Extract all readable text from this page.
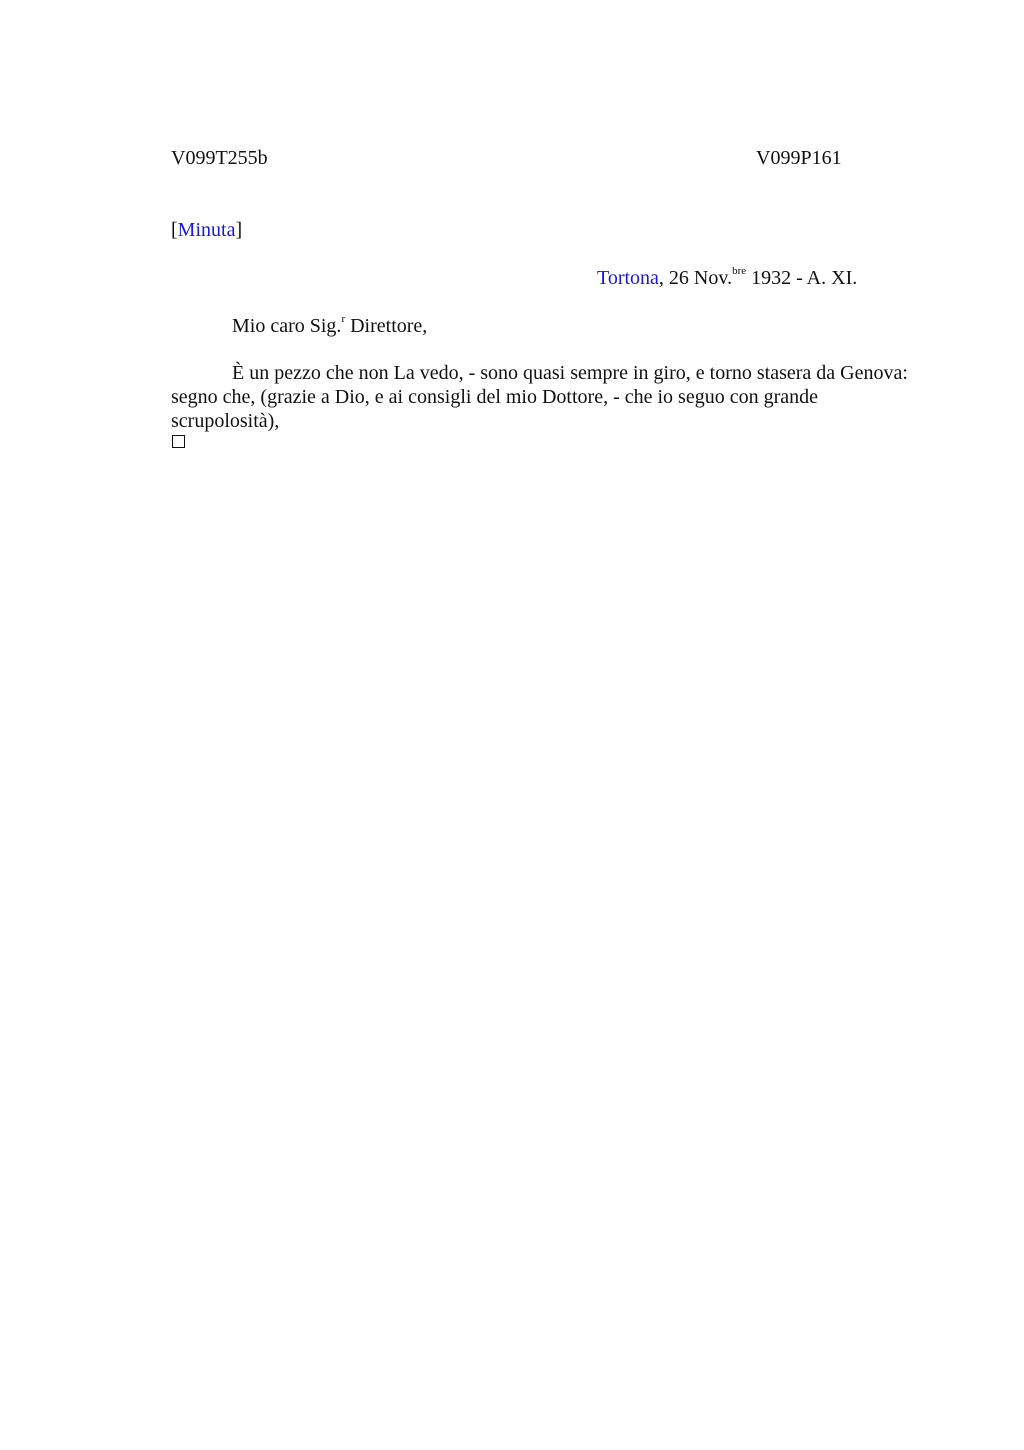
V099T255b	V099P161
[Minuta]
Tortona, 26 Nov.$^{bre}$ 1932 - A. XI.
Mio caro Sig.$^r$ Direttore,
È un pezzo che non La vedo, - sono quasi sempre in giro, e torno stasera da Genova: segno che, (grazie a Dio, e ai consigli del mio Dottore, - che io seguo con grande scrupolosità),
